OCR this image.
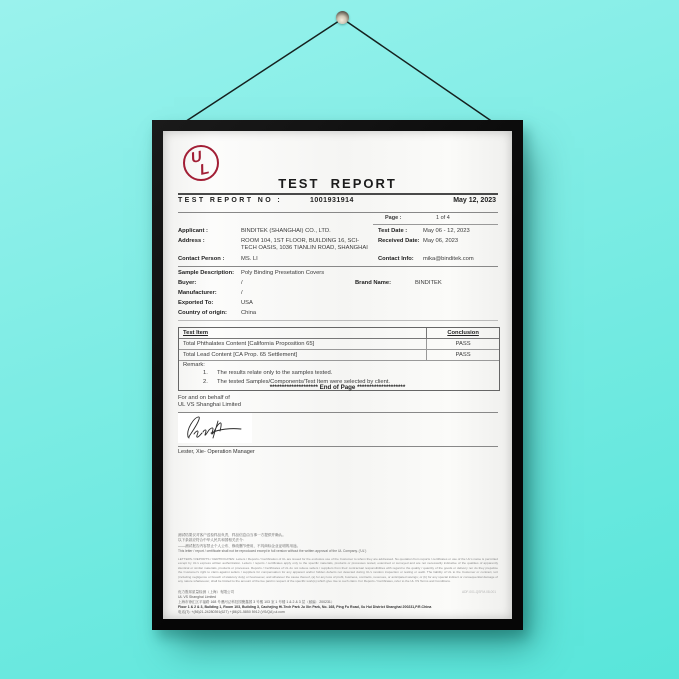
U
L
TEST  REPORT
TEST REPORT NO :	1001931914	May 12, 2023
Page :	1 of 4
Applicant :	BINDITEK (SHANGHAI) CO., LTD.	Test Date :	May 06 - 12, 2023
Address :	ROOM 104, 1ST FLOOR, BUILDING 16, SCI-TECH OASIS, 1036 TIANLIN ROAD, SHANGHAI
Received Date: May 06, 2023
Contact Person :	MS. LI	Contact Info: mika@binditek.com
Sample Description: Poly Binding Presetation Covers
Buyer:	/	Brand Name:	BINDITEK
Manufacturer:	/
Exported To:	USA
Country of origin: China
Test Item	Conclusion
Total Phthalates Content [California Proposition 65]	PASS
Total Lead Content [CA Prop. 65 Settlement]	PASS
Remark:
1. The results relate only to the samples tested.
2. The tested Samples/Components/Test Item were selected by client.
******************** End of Page ********************
For and on behalf of
UL VS Shanghai Limited
Lester, Xie- Operation Manager
测试结果仅对客户送检样品负责，样品信息由当事一方提供并确认。
以下条款应符合中华人民共和国相关法令：
——测试报告内容禁止个人公布、修改删节使用，不具商标企业证明的用途。
This letter / report / certificate shall not be reproduced except in full version without the written approval of the UL Company. ('UL')
LETTERS / REPORTS / CERTIFICATES: Letters / Reports / Certification of UL are issued for the exclusive use of the Customer to whom they are addressed. No quotation from reports / certificates or use of the UL's name is permitted except by UL's express written authorization. Letters / reports / certificates apply only to the specific materials, products or processes tested, examined or surveyed and are not necessarily indicative of the qualities of apparently identical or similar materials, products or processes. Reports / Certificates of UL do not relieve sellers / suppliers from their contractual responsibilities with regard to the quality / quantity of the goods or delivery nor do they prejudice the Customer's right to claim against sellers / suppliers for compensation for any apparent and/or hidden defects not detected during UL's random inspection or testing or audit. The liability of UL to the Customer or contract, tort (including negligence or breach of statutory duty) or howsoever, and whatever the cause thereof, (a) for any loss of profit, business, contracts, revenues, or anticipated savings; or (b) for any special indirect or consequential damage of any nature whatsoever, shall be limited to the amount of the fee paid in respect of the specific work(s) which give rise to such claim. For Reports / Certificates, refer to the UL VS Terms and Conditions.
优力胜邦质量检测（上海）有限公司
UL VS Shanghai Limited
上海市徐汇区平福路 168 号漕河泾科技园聚鑫园 3 号楼 103 室 1 号楼 1 & 2 & 3 层（邮编：200231）
Floor 1 & 2 & 3, Building 1, Room 103, Building 3, Caohejing Hi-Tech Park Ju Xin Park, No. 168, Ping Fu Road, Xu Hui District Shanghai 200231,P.R.China
电话(T): +(86)21-24280391(62T) +(86)21-5850 5912 (VS/QA) ul.com
ADF-001-QSFM-08-001
